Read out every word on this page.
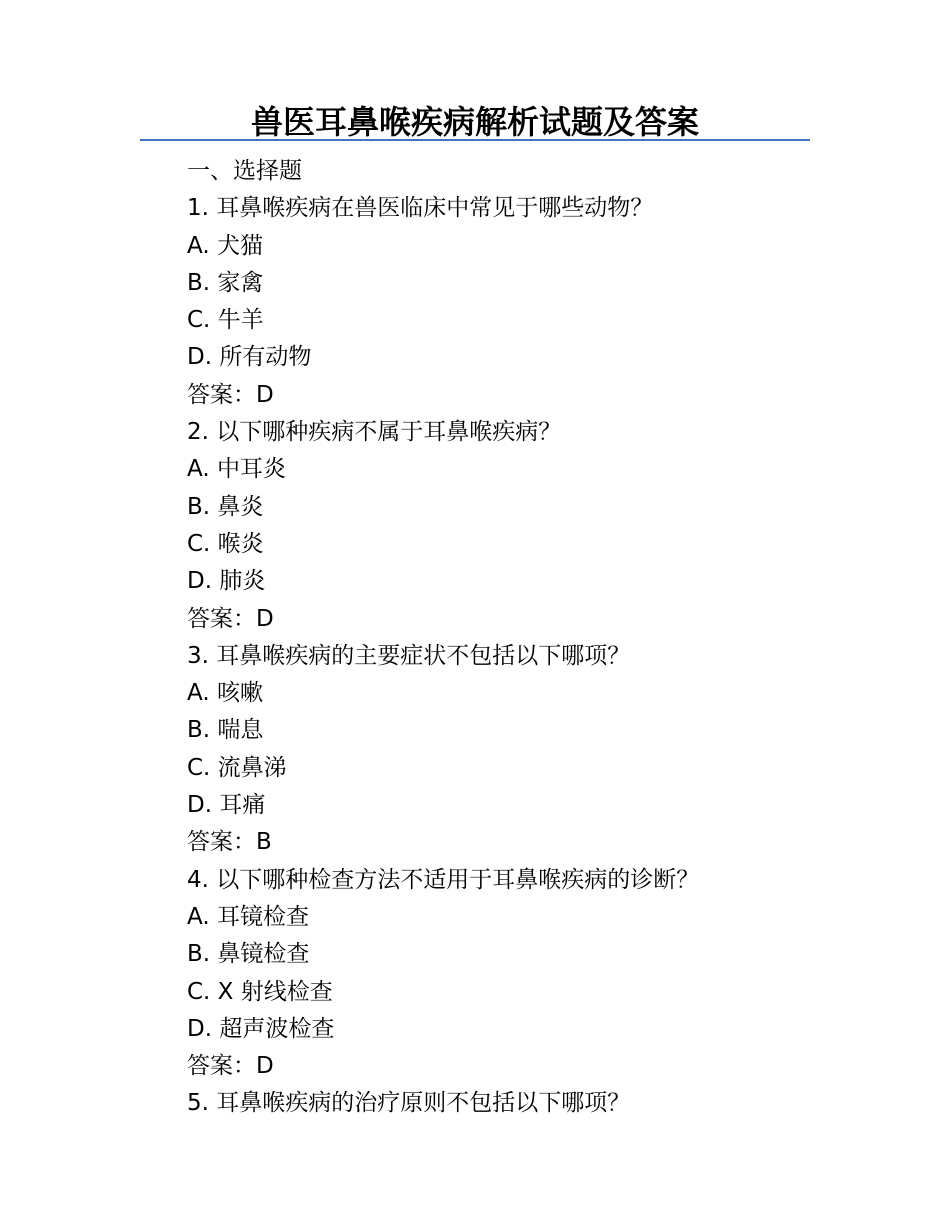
兽医耳鼻喉疾病解析试题及答案

一、选择题

1. 耳鼻喉疾病在兽医临床中常见于哪些动物？

A. 犬猫

B. 家禽

C. 牛羊

D. 所有动物

答案：D

2. 以下哪种疾病不属于耳鼻喉疾病？

A. 中耳炎

B. 鼻炎

C. 喉炎

D. 肺炎

答案：D

3. 耳鼻喉疾病的主要症状不包括以下哪项？

A. 咳嗽

B. 喘息

C. 流鼻涕

D. 耳痛

答案：B

4. 以下哪种检查方法不适用于耳鼻喉疾病的诊断？

A. 耳镜检查

B. 鼻镜检查

C. X 射线检查

D. 超声波检查

答案：D

5. 耳鼻喉疾病的治疗原则不包括以下哪项？
